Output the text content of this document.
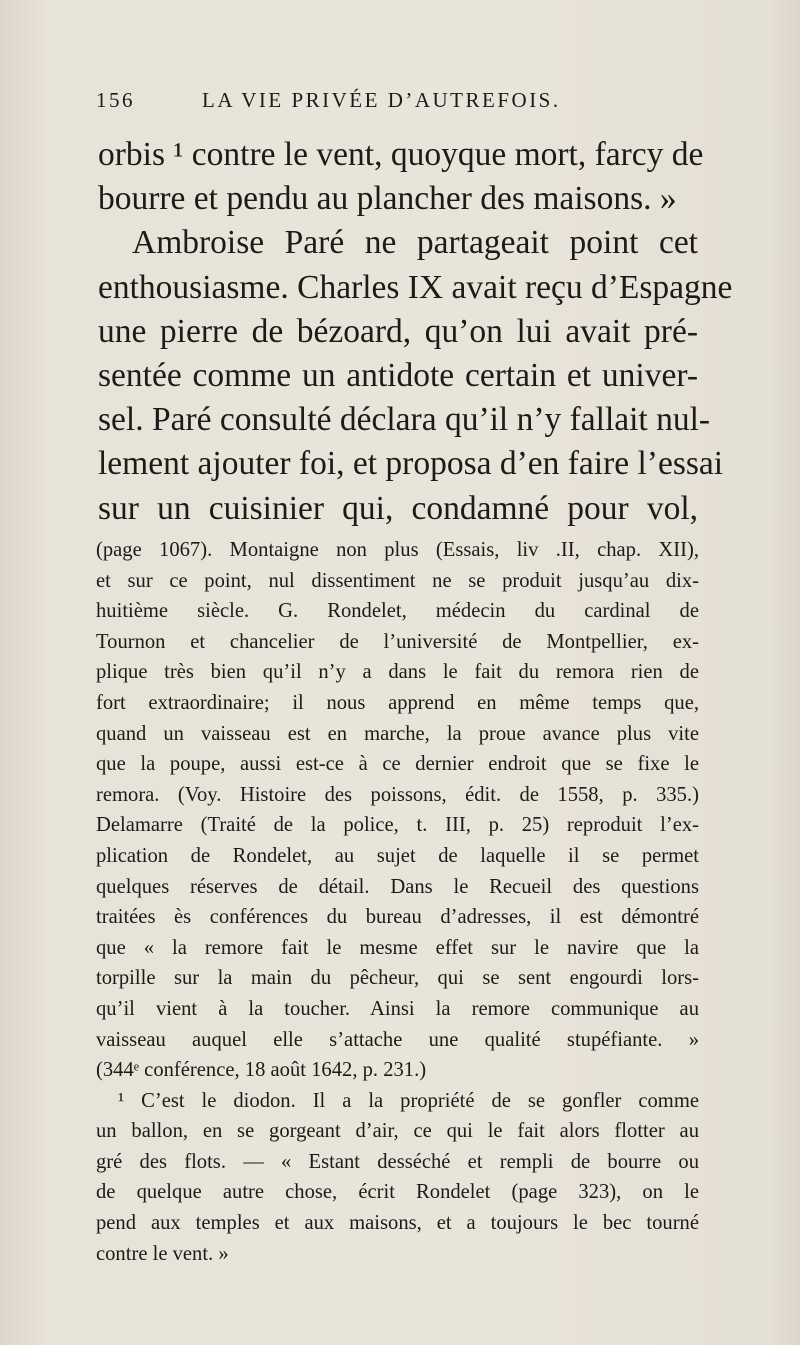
156	LA VIE PRIVÉE D’AUTREFOIS.
orbis ¹ contre le vent, quoyque mort, farcy de
bourre et pendu au plancher des maisons. »
Ambroise Paré ne partageait point cet
enthousiasme. Charles IX avait reçu d’Espagne
une pierre de bézoard, qu’on lui avait pré-
sentée comme un antidote certain et univer-
sel. Paré consulté déclara qu’il n’y fallait nul-
lement ajouter foi, et proposa d’en faire l’essai
sur un cuisinier qui, condamné pour vol,
(page 1067). Montaigne non plus (Essais, liv .II, chap. XII),
et sur ce point, nul dissentiment ne se produit jusqu’au dix-
huitième siècle. G. Rondelet, médecin du cardinal de
Tournon et chancelier de l’université de Montpellier, ex-
plique très bien qu’il n’y a dans le fait du remora rien de
fort extraordinaire; il nous apprend en même temps que,
quand un vaisseau est en marche, la proue avance plus vite
que la poupe, aussi est-ce à ce dernier endroit que se fixe le
remora. (Voy. Histoire des poissons, édit. de 1558, p. 335.)
Delamarre (Traité de la police, t. III, p. 25) reproduit l’ex-
plication de Rondelet, au sujet de laquelle il se permet
quelques réserves de détail. Dans le Recueil des questions
traitées ès conférences du bureau d’adresses, il est démontré
que « la remore fait le mesme effet sur le navire que la
torpille sur la main du pêcheur, qui se sent engourdi lors-
qu’il vient à la toucher. Ainsi la remore communique au
vaisseau auquel elle s’attache une qualité stupéfiante. »
(344ᵉ conférence, 18 août 1642, p. 231.)
¹ C’est le diodon. Il a la propriété de se gonfler comme
un ballon, en se gorgeant d’air, ce qui le fait alors flotter au
gré des flots. — « Estant desséché et rempli de bourre ou
de quelque autre chose, écrit Rondelet (page 323), on le
pend aux temples et aux maisons, et a toujours le bec tourné
contre le vent. »
